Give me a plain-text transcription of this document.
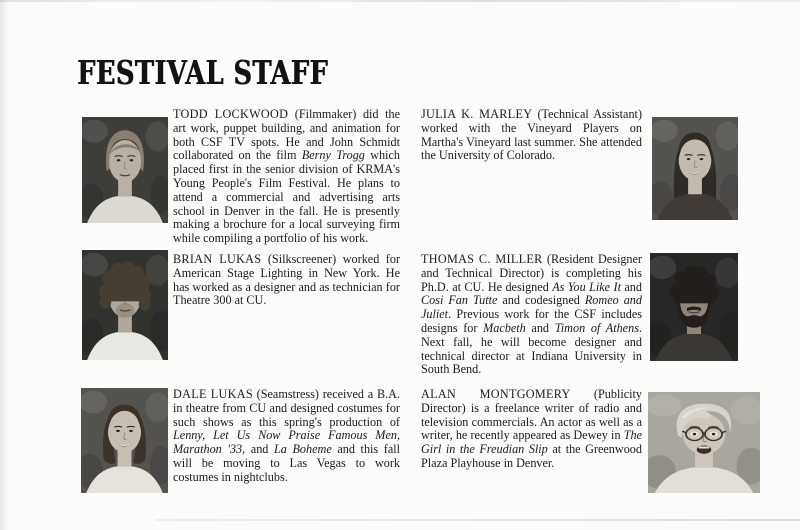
FESTIVAL STAFF

TODD LOCKWOOD (Filmmaker) did the art work, puppet building, and animation for both CSF TV spots. He and John Schmidt collaborated on the film Berny Trogg which placed first in the senior division of KRMA's Young People's Film Festival. He plans to attend a commercial and advertising arts school in Denver in the fall. He is presently making a brochure for a local surveying firm while compiling a portfolio of his work.

JULIA K. MARLEY (Technical Assistant) worked with the Vineyard Players on Martha's Vineyard last summer. She attended the University of Colorado.

BRIAN LUKAS (Silkscreener) worked for American Stage Lighting in New York. He has worked as a designer and as technician for Theatre 300 at CU.

THOMAS C. MILLER (Resident Designer and Technical Director) is completing his Ph.D. at CU. He designed As You Like It and Cosi Fan Tutte and codesigned Romeo and Juliet. Previous work for the CSF includes designs for Macbeth and Timon of Athens. Next fall, he will become designer and technical director at Indiana University in South Bend.

DALE LUKAS (Seamstress) received a B.A. in theatre from CU and designed costumes for such shows as this spring's production of Lenny, Let Us Now Praise Famous Men, Marathon '33, and La Boheme and this fall will be moving to Las Vegas to work costumes in nightclubs.

ALAN MONTGOMERY (Publicity Director) is a freelance writer of radio and television commercials. An actor as well as a writer, he recently appeared as Dewey in The Girl in the Freudian Slip at the Greenwood Plaza Playhouse in Denver.
